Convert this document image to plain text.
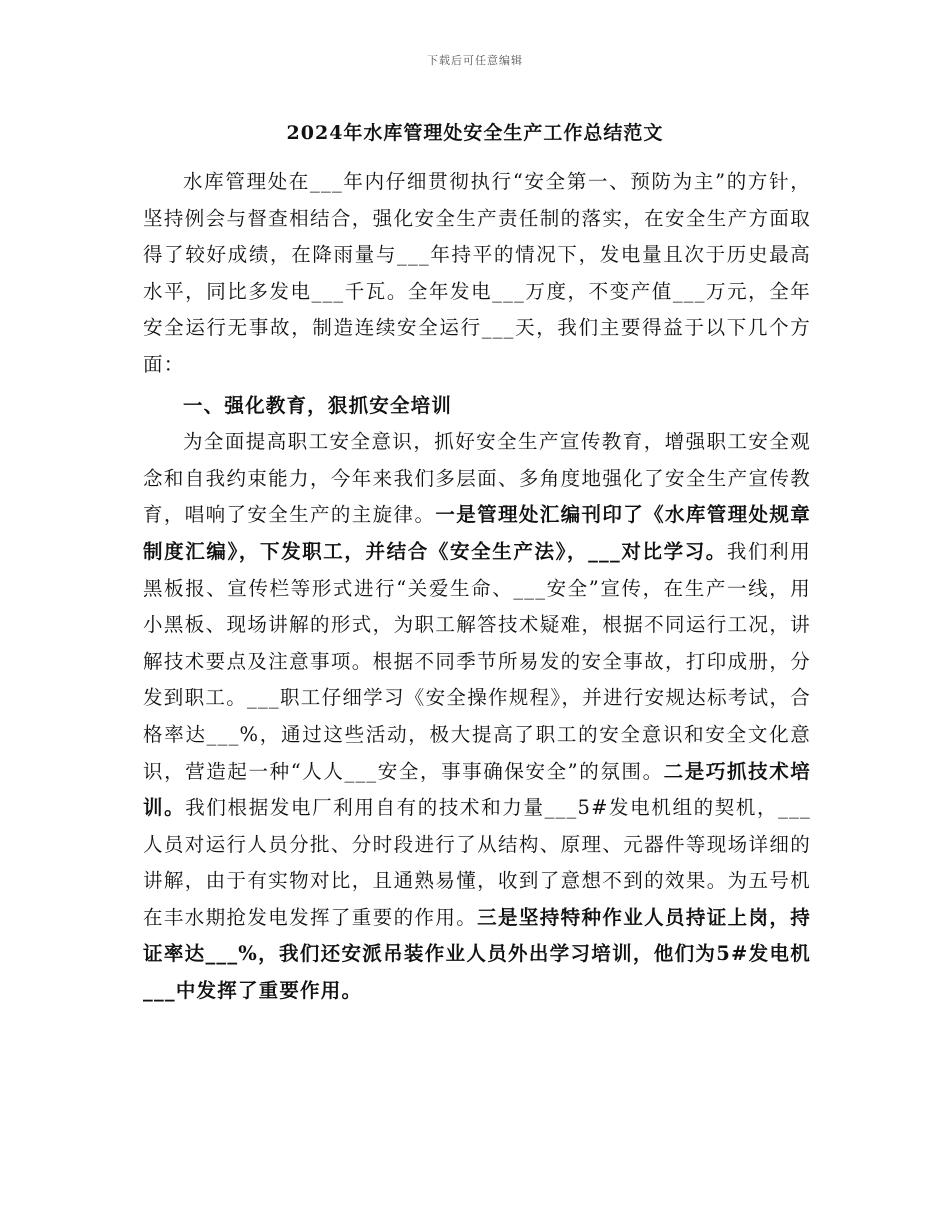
下载后可任意编辑
2024年水库管理处安全生产工作总结范文

水库管理处在___年内仔细贯彻执行“安全第一、预防为主”的方针，坚持例会与督查相结合，强化安全生产责任制的落实，在安全生产方面取得了较好成绩，在降雨量与___年持平的情况下，发电量且次于历史最高水平，同比多发电___千瓦。全年发电___万度，不变产值___万元，全年安全运行无事故，制造连续安全运行___天，我们主要得益于以下几个方面：

一、强化教育，狠抓安全培训

为全面提高职工安全意识，抓好安全生产宣传教育，增强职工安全观念和自我约束能力，今年来我们多层面、多角度地强化了安全生产宣传教育，唱响了安全生产的主旋律。一是管理处汇编刊印了《水库管理处规章制度汇编》，下发职工，并结合《安全生产法》，___对比学习。我们利用黑板报、宣传栏等形式进行“关爱生命、___安全”宣传，在生产一线，用小黑板、现场讲解的形式，为职工解答技术疑难，根据不同运行工况，讲解技术要点及注意事项。根据不同季节所易发的安全事故，打印成册，分发到职工。___职工仔细学习《安全操作规程》，并进行安规达标考试，合格率达___%，通过这些活动，极大提高了职工的安全意识和安全文化意识，营造起一种“人人___安全，事事确保安全”的氛围。二是巧抓技术培训。我们根据发电厂利用自有的技术和力量___5#发电机组的契机，___人员对运行人员分批、分时段进行了从结构、原理、元器件等现场详细的讲解，由于有实物对比，且通熟易懂，收到了意想不到的效果。为五号机在丰水期抢发电发挥了重要的作用。三是坚持特种作业人员持证上岗，持证率达___%，我们还安派吊装作业人员外出学习培训，他们为5#发电机___中发挥了重要作用。
